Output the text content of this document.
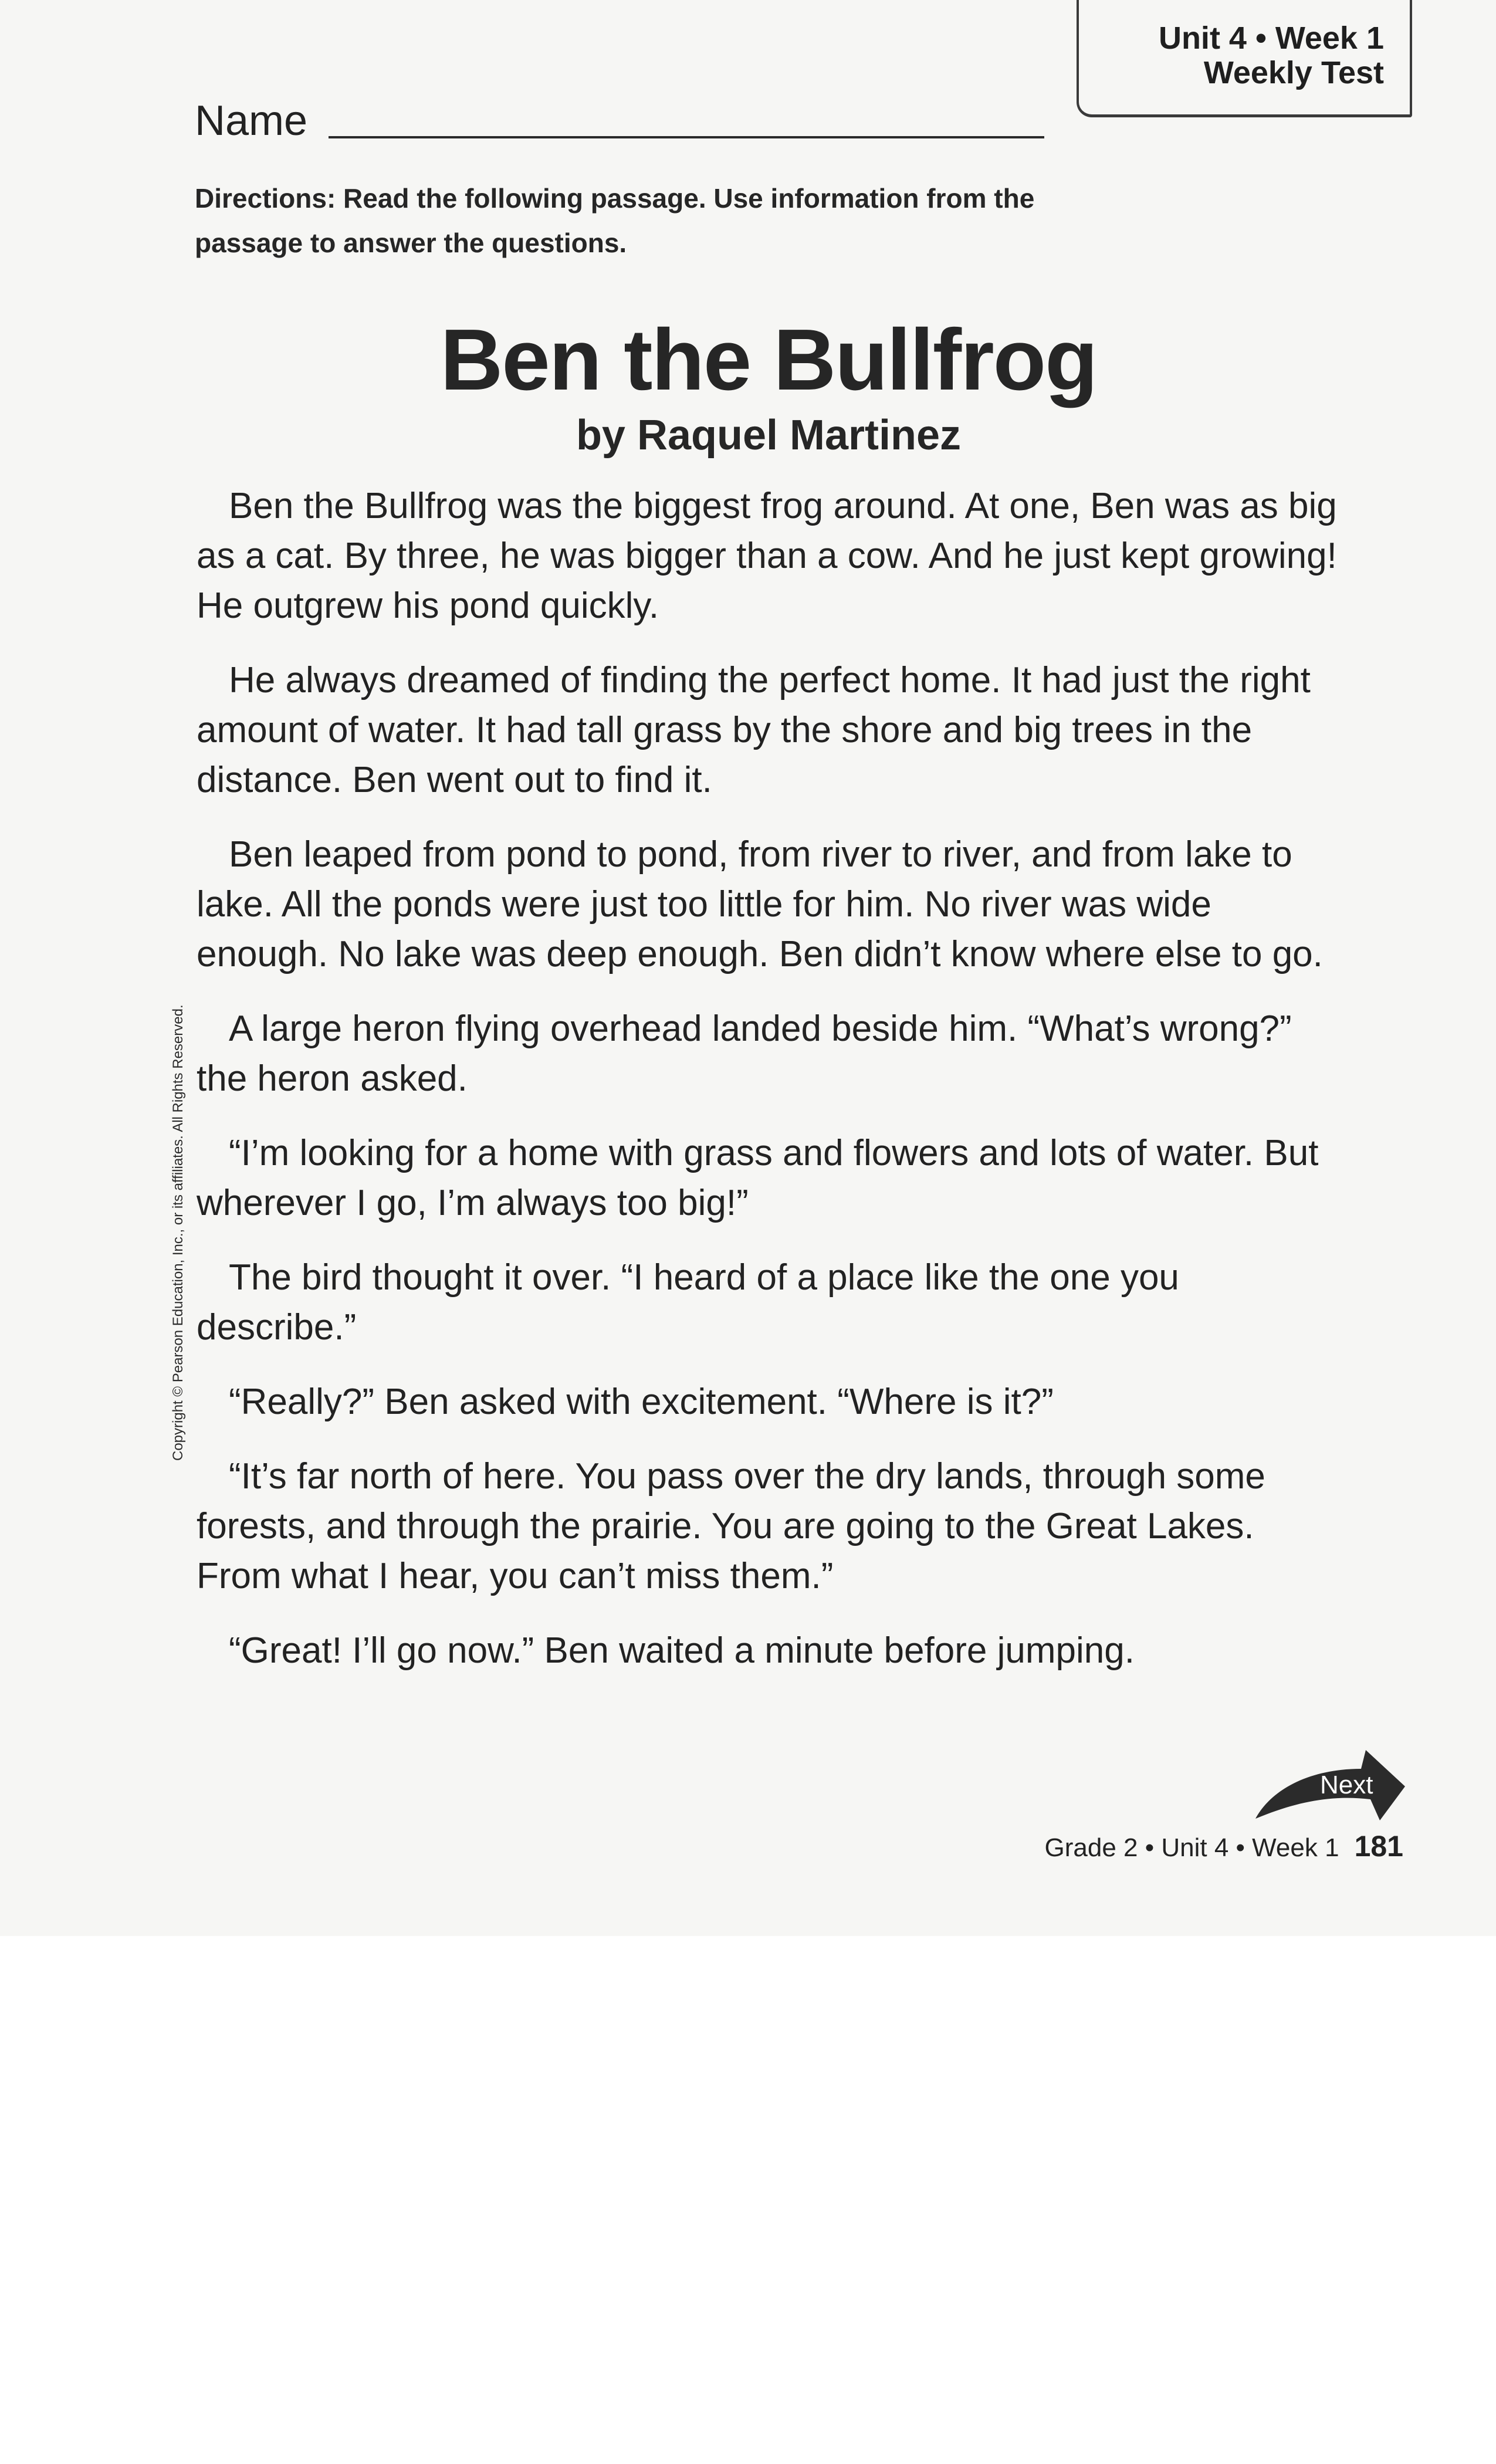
Unit 4 • Week 1
Weekly Test
Name
Directions: Read the following passage. Use information from the passage to answer the questions.
Ben the Bullfrog
by Raquel Martinez

Ben the Bullfrog was the biggest frog around. At one, Ben was as big as a cat. By three, he was bigger than a cow. And he just kept growing! He outgrew his pond quickly.

He always dreamed of finding the perfect home. It had just the right amount of water. It had tall grass by the shore and big trees in the distance. Ben went out to find it.

Ben leaped from pond to pond, from river to river, and from lake to lake. All the ponds were just too little for him. No river was wide enough. No lake was deep enough. Ben didn’t know where else to go.

A large heron flying overhead landed beside him. “What’s wrong?” the heron asked.

“I’m looking for a home with grass and flowers and lots of water. But wherever I go, I’m always too big!”

The bird thought it over. “I heard of a place like the one you describe.”

“Really?” Ben asked with excitement. “Where is it?”

“It’s far north of here. You pass over the dry lands, through some forests, and through the prairie. You are going to the Great Lakes. From what I hear, you can’t miss them.”

“Great! I’ll go now.” Ben waited a minute before jumping.

Copyright © Pearson Education, Inc., or its affiliates. All Rights Reserved.
Next
Grade 2 • Unit 4 • Week 1 181
